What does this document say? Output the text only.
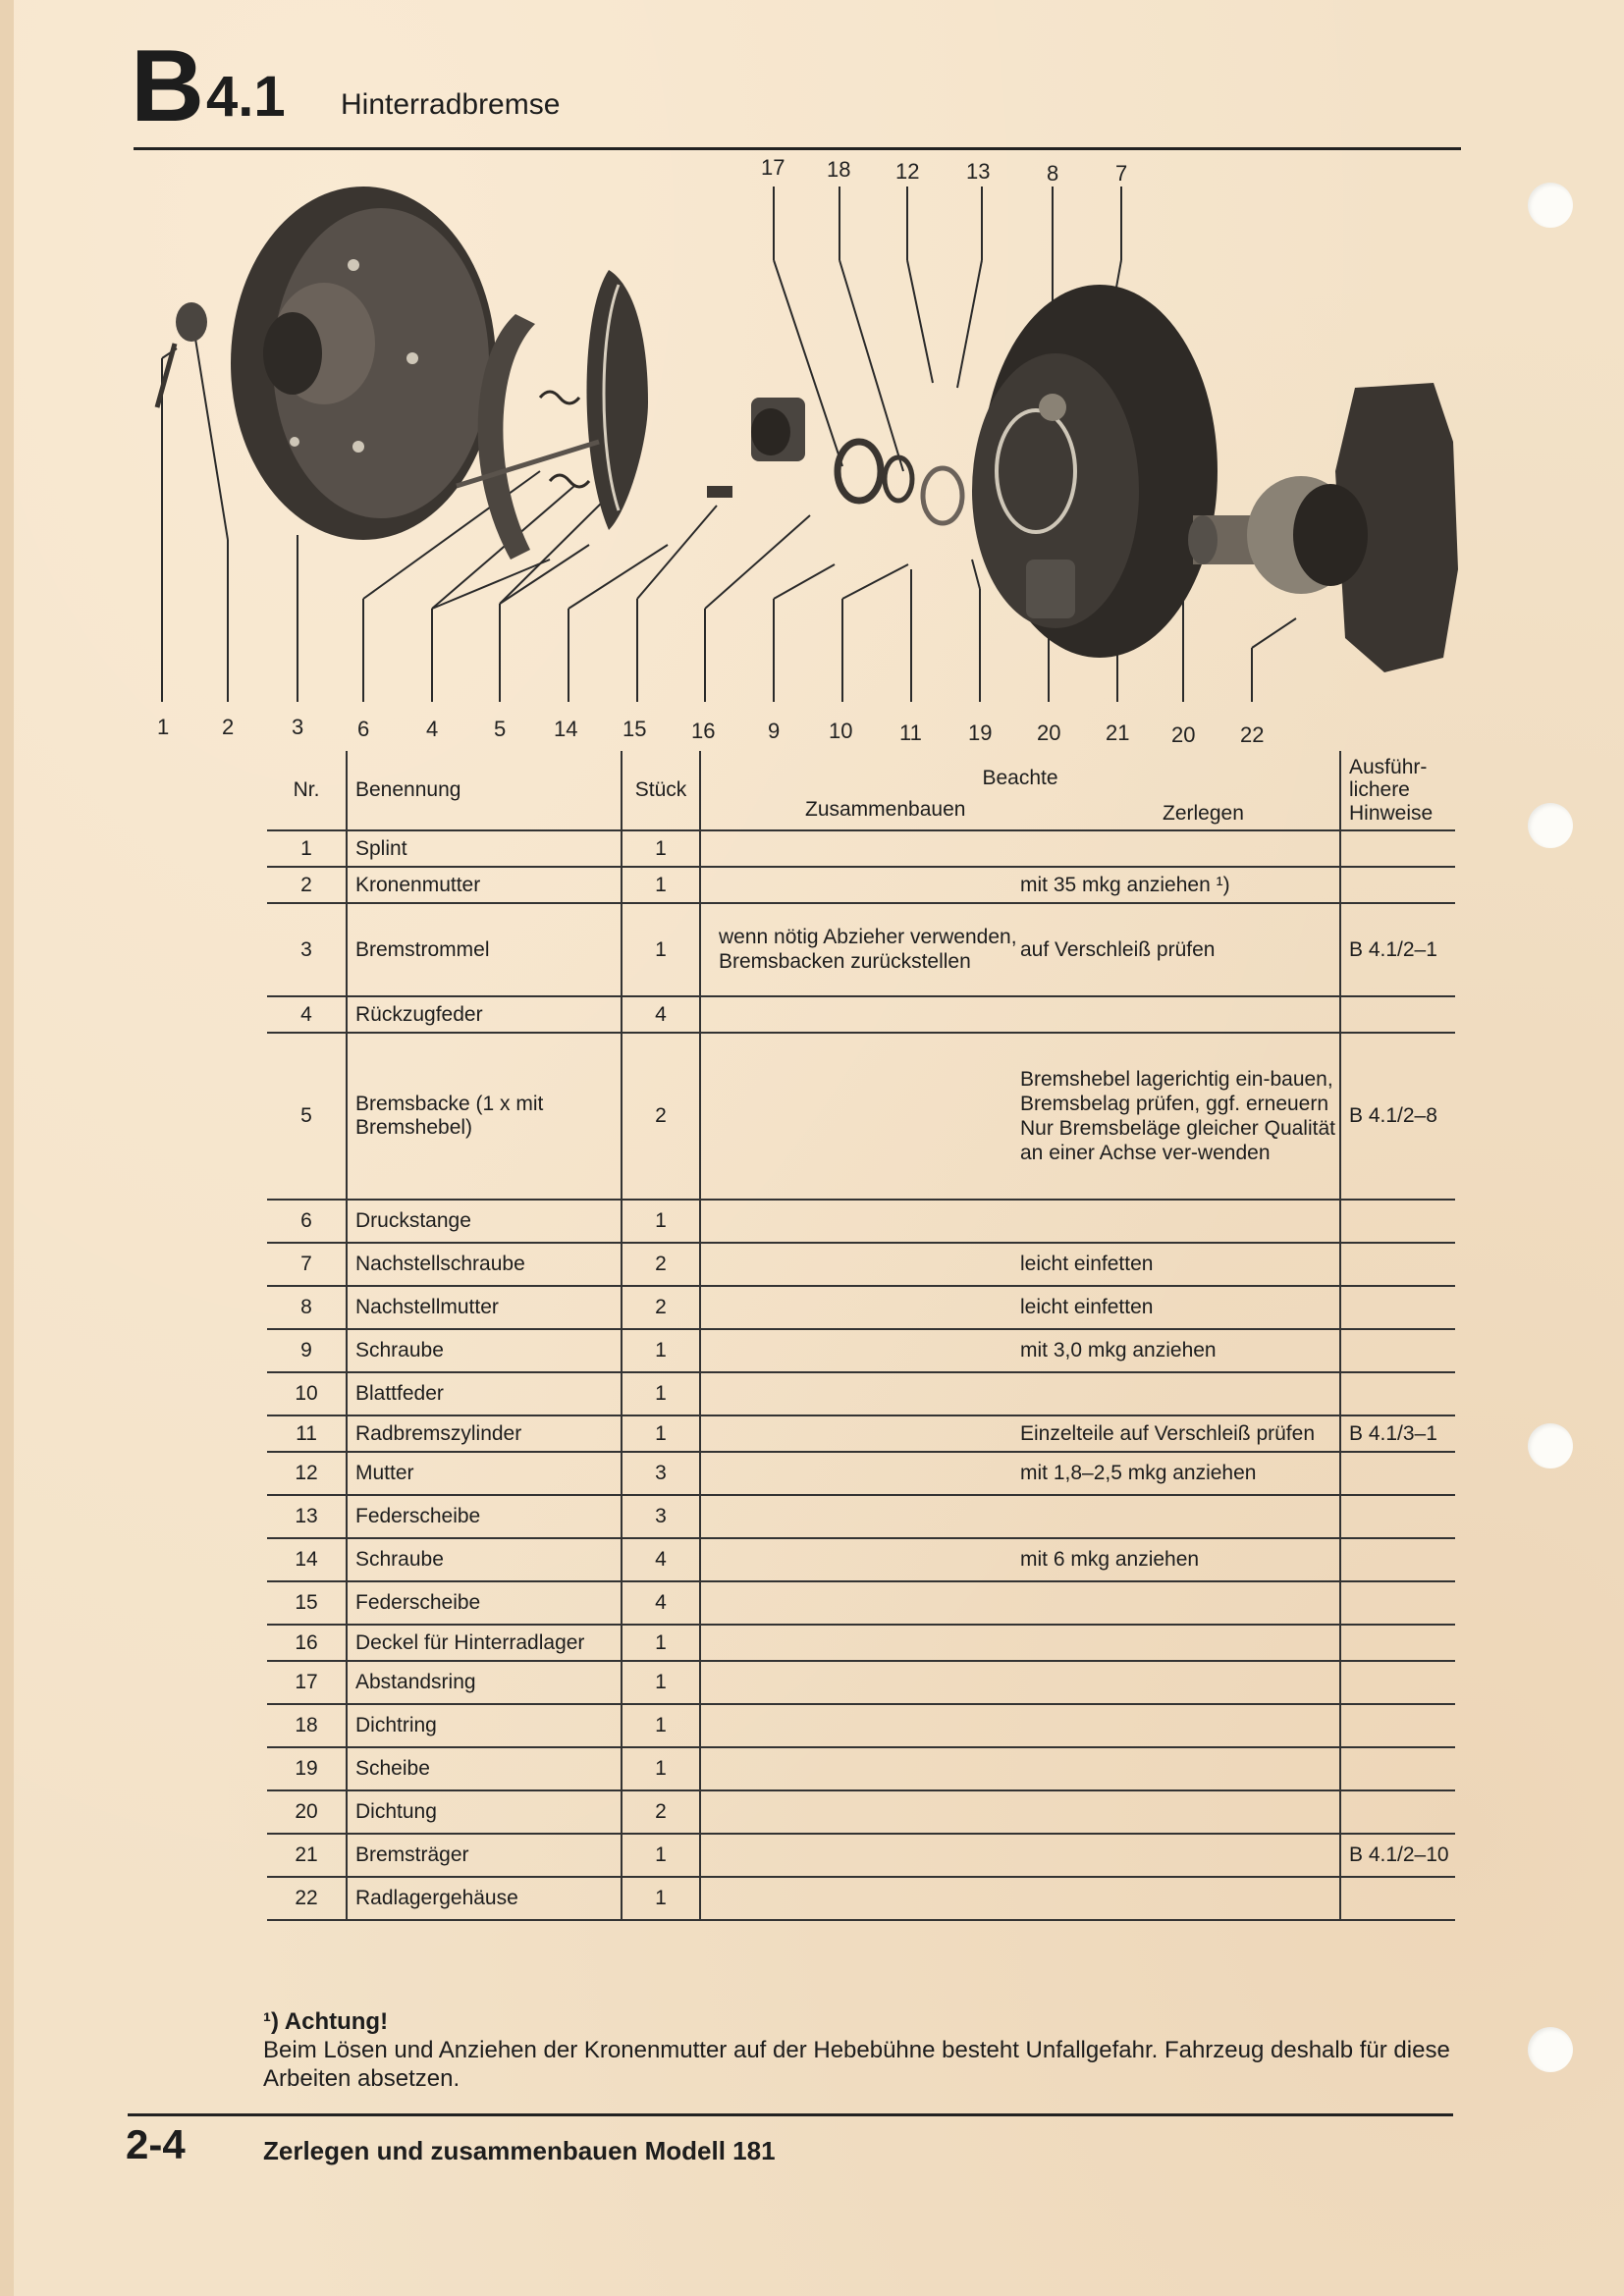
B 4.1 Hinterradbremse
17 18 12 13	8	7
1 2	3 6	4	5 14 15 16 9 10 11 19 20 21 20 22
Nr.	Benennung	Stück	Beachte
Zusammenbauen Zerlegen		Ausführ-lichere Hinweise
1	Splint	1			
2	Kronenmutter	1		mit 35 mkg anziehen ¹)	
3	Bremstrommel	1	wenn nötig Abzieher verwenden, Bremsbacken zurückstellen	auf Verschleiß prüfen	B 4.1/2–1
4	Rückzugfeder	4			
5	Bremsbacke (1 x mit Bremshebel)	2		Bremshebel lagerichtig ein-bauen, Bremsbelag prüfen, ggf. erneuern Nur Bremsbeläge gleicher Qualität an einer Achse ver-wenden	B 4.1/2–8
6	Druckstange	1			
7	Nachstellschraube	2		leicht einfetten	
8	Nachstellmutter	2		leicht einfetten	
9	Schraube	1		mit 3,0 mkg anziehen	
10	Blattfeder	1			
11	Radbremszylinder	1		Einzelteile auf Verschleiß prüfen	B 4.1/3–1
12	Mutter	3		mit 1,8–2,5 mkg anziehen	
13	Federscheibe	3			
14	Schraube	4		mit 6 mkg anziehen	
15	Federscheibe	4			
16	Deckel für Hinterradlager	1			
17	Abstandsring	1			
18	Dichtring	1			
19	Scheibe	1			
20	Dichtung	2			
21	Bremsträger	1			B 4.1/2–10
22	Radlagergehäuse	1			
¹) Achtung!
Beim Lösen und Anziehen der Kronenmutter auf der Hebebühne besteht Unfallgefahr. Fahrzeug deshalb für diese Arbeiten absetzen.
2-4	Zerlegen und zusammenbauen Modell 181
